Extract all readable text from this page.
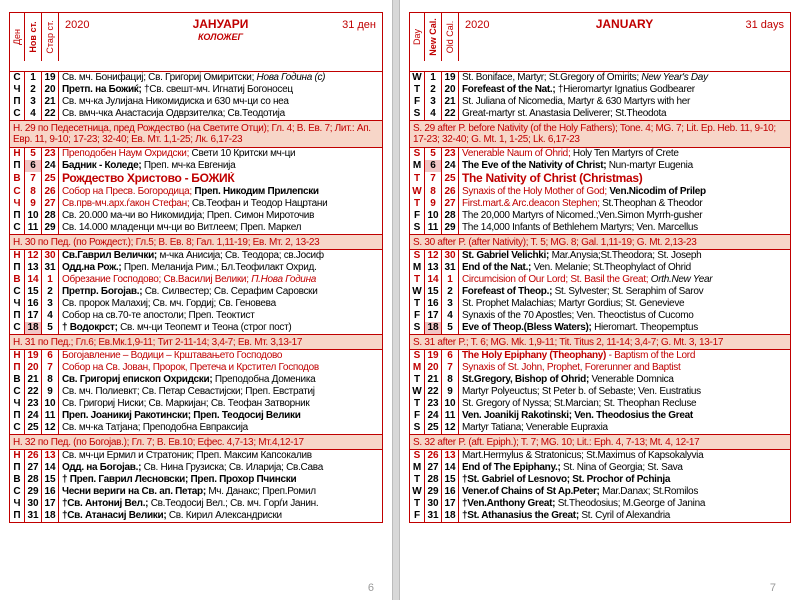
Ден Нов ст. Стар ст. 2020	ЈАНУАРИ
КОЛОЖЕГ
31 ден
С	1	19	Св. мч. Бонифациј; Св. Григориј Омиритски; Нова Година (с)
Ч	2	20	Претп. на Божиќ; †Св. свешт-мч. Игнатиј Богоносец
П	3	21	Св. мч-ка Јулијана Никомидиска и 630 мч-ци со неа
С	4	22	Св. вмч-чка Анастасија Одврзителка; Св.Теодотија
Н. 29 по Педесетница, пред Рождество (на Светите Отци); Гл. 4; В. Ев. 7; Лит.: Ап. Евр. 11, 9-10; 17-23; 32-40; Ев. Мт. 1,1-25; Лк. 6,17-23			
Н	5	23	Преподобен Наум Охридски; Свети 10 Критски мч-ци
П	6	24	Бадник - Коледе; Преп. мч-ка Евгенија
В	7	25	Рождество Христово - БОЖИЌ
С	8	26	Собор на Пресв. Богородица; Преп. Никодим Прилепски
Ч	9	27	Св.прв-мч.арх.ѓакон Стефан; Св.Теофан и Теодор Нацртани
П	10	28	Св. 20.000 ма-чи во Никомидија; Преп. Симон Мироточив
С	11	29	Св. 14.000 младенци мч-ци во Витлеем; Преп. Маркел
Н. 30 по Пед. (по Рождест.); Гл.5; В. Ев. 8; Гал. 1,11-19; Ев. Мт. 2, 13-23			
Н	12	30	Св.Гаврил Велички; м-чка Анисија; Св. Теодора; св.Јосиф
П	13	31	Одд.на Рож.; Преп. Меланија Рим.; Бл.Теофилакт Охрид.
В	14	1	Обрезание Господово; Св.Василиј Велики; П.Нова Година
С	15	2	Претпр. Богојав.; Св. Силвестер; Св. Серафим Саровски
Ч	16	3	Св. пророк Малахиј; Св. мч. Гордиј; Св. Геновева
П	17	4	Собор на св.70-те апостоли; Преп. Теоктист
С	18	5	† Водокрст; Св. мч-ци Теопемт и Теона (строг пост)
Н. 31 по Пед.; Гл.6; Ев.Мк.1,9-11; Тит 2-11-14; 3,4-7; Ев. Мт. 3,13-17			
Н	19	6	Богојавление – Водици – Крштавањето Господово
П	20	7	Собор на Св. Јован, Пророк, Претеча и Крстител Господов
В	21	8	Св. Григориј епископ Охридски; Преподобна Доменика
С	22	9	Св. мч. Полиевкт; Св. Петар Севастијски; Преп. Евстратиј
Ч	23	10	Св. Григориј Ниски; Св. Маркијан; Св. Теофан Затворник
П	24	11	Преп. Јоаникиј Ракотински; Преп. Теодосиј Велики
С	25	12	Св. мч-ка Татјана; Преподобна Евпраксија
Н. 32 по Пед. (по Богојав.); Гл. 7; В. Ев.10; Ефес. 4,7-13; Мт.4,12-17			
Н	26	13	Св. мч-ци Ермил и Стратоник; Преп. Максим Капсокалив
П	27	14	Одд. на Богојав.; Св. Нина Грузиска; Св. Иларија; Св.Сава
В	28	15	† Преп. Гаврил Лесновски; Преп. Прохор Пчински
С	29	16	Чесни вериги на Св. ап. Петар; Мч. Данакс; Преп.Ромил
Ч	30	17	†Св. Антониј Вел.; Св.Теодосиј Вел.; Св. мч. Ѓорѓи Јанин.
П	31	18	†Св. Атанасиј Велики; Св. Кирил Александриски
6
Day New Cal. Old Cal. 2020	JANUARY	31 days
W	1	19	St. Boniface, Martyr; St.Gregory of Omirits; New Year's Day
T	2	20	Forefeast of the Nat.; †Hieromartyr Ignatius Godbearer
F	3	21	St. Juliana of Nicomedia, Martyr & 630 Martyrs with her
S	4	22	Great-martyr st. Anastasia Deliverer; St.Theodota
S. 29 after P. before Nativity (of the Holy Fathers); Tone. 4; MG. 7; Lit. Ep. Heb. 11, 9-10; 17-23; 32-40; G. Mt. 1, 1-25; Lk. 6,17-23			
S	5	23	Venerable Naum of Ohrid; Holy Ten Martyrs of Crete
M	6	24	The Eve of the Nativity of Christ; Nun-martyr Eugenia
T	7	25	The Nativity of Christ (Christmas)
W	8	26	Synaxis of the Holy Mother of God; Ven.Nicodim of Prilep
T	9	27	First.mart.& Arc.deacon Stephen; St.Theophan & Theodor
F	10	28	The 20,000 Martyrs of Nicomed.;Ven.Simon Myrrh-gusher
S	11	29	The 14,000 Infants of Bethlehem Martyrs; Ven. Marcellus
S. 30 after P. (after Nativity); T. 5; MG. 8; Gal. 1,11-19; G. Mt. 2,13-23			
S	12	30	St. Gabriel Velichki; Mar.Anysia;St.Theodora; St. Joseph
M	13	31	End of the Nat.; Ven. Melanie; St.Theophylact of Ohrid
T	14	1	Circumcision of Our Lord; St. Basil the Great; Orth.New Year
W	15	2	Forefeast of Theop.; St. Sylvester; St. Seraphim of Sarov
T	16	3	St. Prophet Malachias; Martyr Gordius; St. Genevieve
F	17	4	Synaxis of the 70 Apostles; Ven. Theoctistus of Cucomo
S	18	5	Eve of Theop.(Bless Waters); Hieromart. Theopemptus
S. 31 after P.; T. 6; MG. Mk. 1,9-11; Tit. Titus 2, 11-14; 3,4-7; G. Mt. 3, 13-17			
S	19	6	The Holy Epiphany (Theophany) - Baptism of the Lord
M	20	7	Synaxis of St. John, Prophet, Forerunner and Baptist
T	21	8	St.Gregory, Bishop of Ohrid; Venerable Domnica
W	22	9	Martyr Polyeuctus; St Peter b. of Sebaste; Ven. Eustratius
T	23	10	St. Gregory of Nyssa; St.Marcian; St. Theophan Recluse
F	24	11	Ven. Joanikij Rakotinski; Ven. Theodosius the Great
S	25	12	Martyr Tatiana; Venerable Eupraxia
S. 32 after P. (aft. Epiph.); T. 7; MG. 10; Lit.: Eph. 4, 7-13; Mt. 4, 12-17			
S	26	13	Mart.Hermylus & Stratonicus; St.Maximus of Kapsokalyvia
M	27	14	End of The Epiphany.; St. Nina of Georgia; St. Sava
T	28	15	†St. Gabriel of Lesnovo; St. Prochor of Pchinja
W	29	16	Vener.of Chains of St Ap.Peter; Mar.Danax; St.Romilos
T	30	17	†Ven.Anthony Great; St.Theodosius; M.George of Janina
F	31	18	†St. Athanasius the Great; St. Cyril of Alexandria
7
